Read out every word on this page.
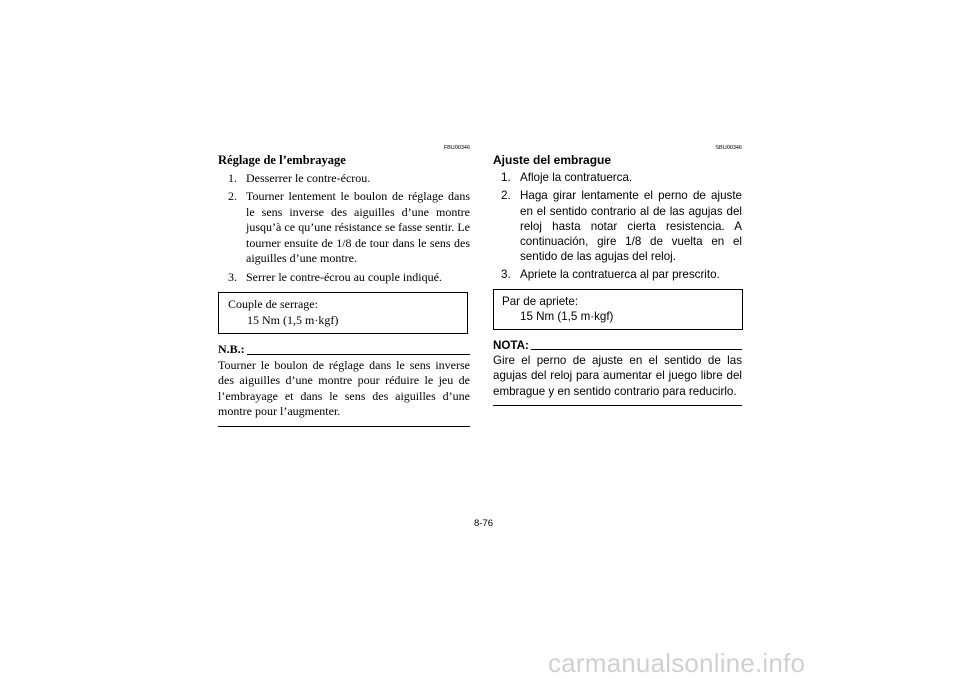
FBU00346
Réglage de l’embrayage
1. Desserrer le contre-écrou.
2. Tourner lentement le boulon de réglage dans le sens inverse des aiguilles d’une montre jusqu’à ce qu’une résistance se fasse sentir. Le tourner ensuite de 1/8 de tour dans le sens des aiguilles d’une montre.
3. Serrer le contre-écrou au couple indiqué.
Couple de serrage:
15 Nm (1,5 m·kgf)
N.B.:
Tourner le boulon de réglage dans le sens inverse des aiguilles d’une montre pour réduire le jeu de l’embrayage et dans le sens des aiguilles d’une montre pour l’augmenter.
SBU00346
Ajuste del embrague
1. Afloje la contratuerca.
2. Haga girar lentamente el perno de ajuste en el sentido contrario al de las agujas del reloj hasta notar cierta resistencia. A continuación, gire 1/8 de vuelta en el sentido de las agujas del reloj.
3. Apriete la contratuerca al par prescrito.
Par de apriete:
15 Nm (1,5 m·kgf)
NOTA:
Gire el perno de ajuste en el sentido de las agujas del reloj para aumentar el juego libre del embrague y en sentido contrario para reducirlo.
8-76
carmanualsonline.info
